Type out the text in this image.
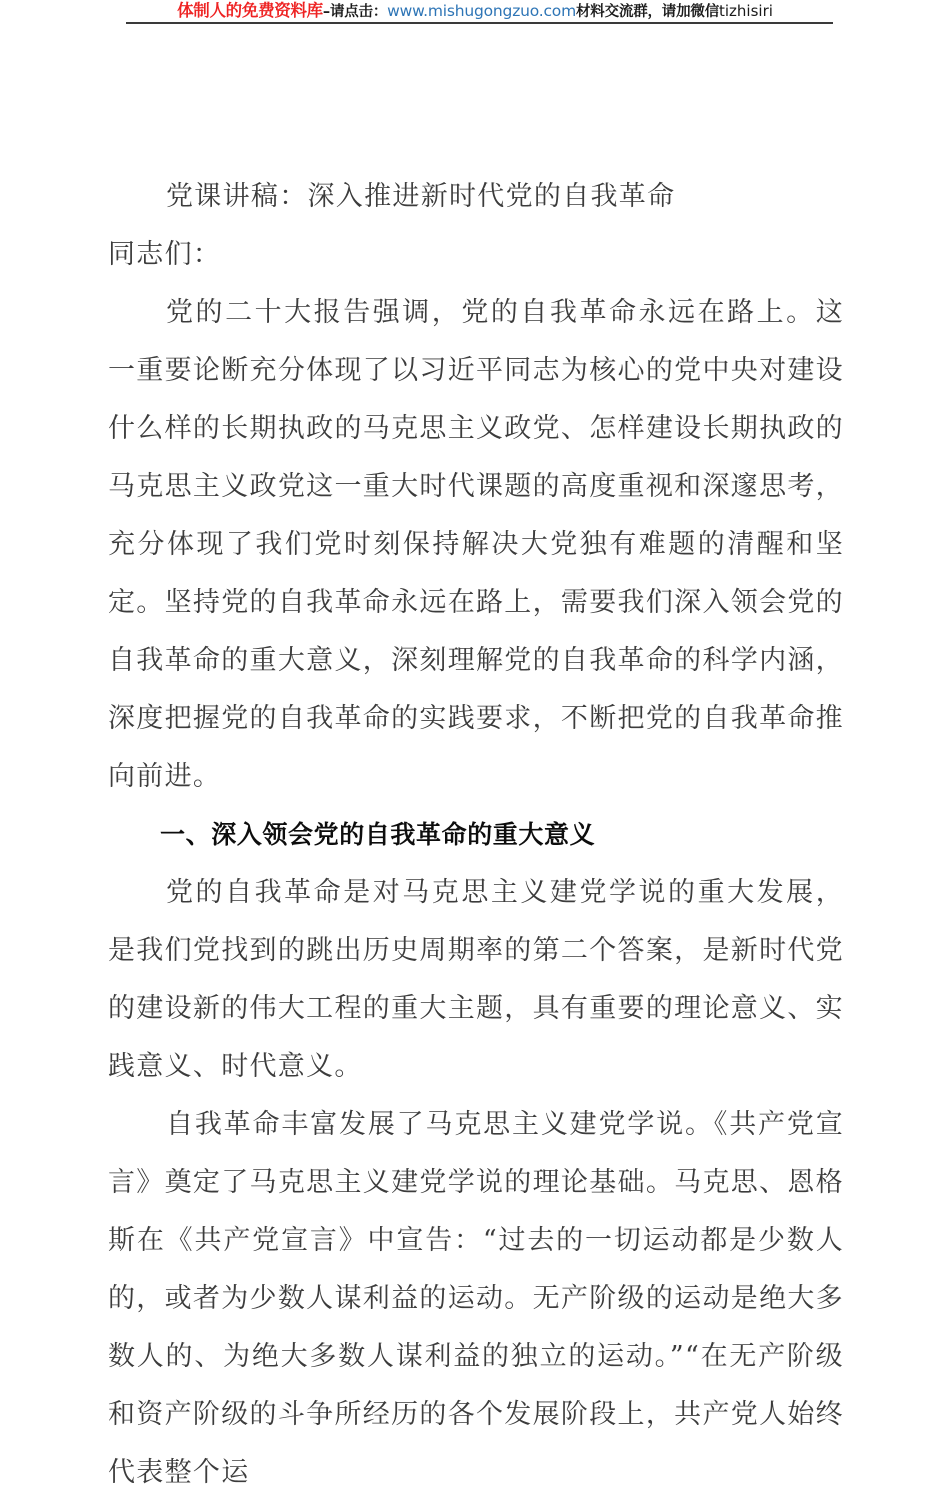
体制人的免费资料库–请点击：www.mishugongzuo.com材料交流群，请加微信tizhisiri

党课讲稿：深入推进新时代党的自我革命

同志们：

党的二十大报告强调，党的自我革命永远在路上。这一重要论断充分体现了以习近平同志为核心的党中央对建设什么样的长期执政的马克思主义政党、怎样建设长期执政的马克思主义政党这一重大时代课题的高度重视和深邃思考，充分体现了我们党时刻保持解决大党独有难题的清醒和坚定。坚持党的自我革命永远在路上，需要我们深入领会党的自我革命的重大意义，深刻理解党的自我革命的科学内涵，深度把握党的自我革命的实践要求，不断把党的自我革命推向前进。

一、深入领会党的自我革命的重大意义

党的自我革命是对马克思主义建党学说的重大发展，是我们党找到的跳出历史周期率的第二个答案，是新时代党的建设新的伟大工程的重大主题，具有重要的理论意义、实践意义、时代意义。

自我革命丰富发展了马克思主义建党学说。《共产党宣言》奠定了马克思主义建党学说的理论基础。马克思、恩格斯在《共产党宣言》中宣告：“过去的一切运动都是少数人的，或者为少数人谋利益的运动。无产阶级的运动是绝大多数人的、为绝大多数人谋利益的独立的运动。”“在无产阶级和资产阶级的斗争所经历的各个发展阶段上，共产党人始终代表整个运
